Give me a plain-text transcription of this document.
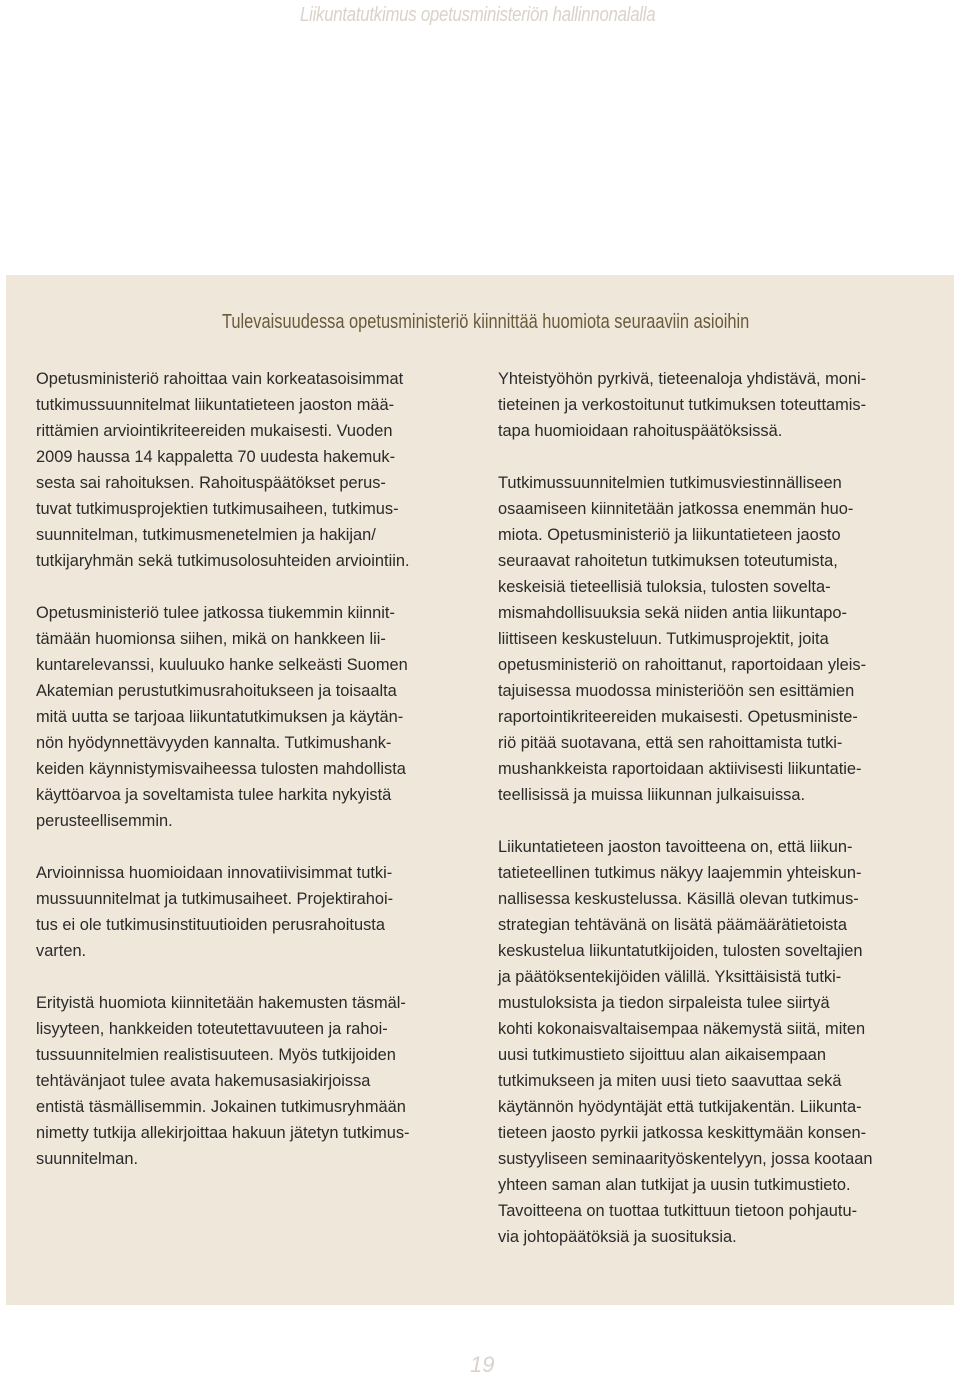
Liikuntatutkimus opetusministeriön hallinnonalalla
Tulevaisuudessa opetusministeriö kiinnittää huomiota seuraaviin asioihin

Opetusministeriö rahoittaa vain korkeatasoisimmat
tutkimussuunnitelmat liikuntatieteen jaoston mää-
rittämien arviointikriteereiden mukaisesti. Vuoden
2009 haussa 14 kappaletta 70 uudesta hakemuk-
sesta sai rahoituksen. Rahoituspäätökset perus-
tuvat tutkimusprojektien tutkimusaiheen, tutkimus-
suunnitelman, tutkimusmenetelmien ja hakijan/
tutkijaryhmän sekä tutkimusolosuhteiden arviointiin.

Opetusministeriö tulee jatkossa tiukemmin kiinnit-
tämään huomionsa siihen, mikä on hankkeen lii-
kuntarelevanssi, kuuluuko hanke selkeästi Suomen
Akatemian perustutkimusrahoitukseen ja toisaalta
mitä uutta se tarjoaa liikuntatutkimuksen ja käytän-
nön hyödynnettävyyden kannalta. Tutkimushank-
keiden käynnistymisvaiheessa tulosten mahdollista
käyttöarvoa ja soveltamista tulee harkita nykyistä
perusteellisemmin.

Arvioinnissa huomioidaan innovatiivisimmat tutki-
mussuunnitelmat ja tutkimusaiheet. Projektirahoi-
tus ei ole tutkimusinstituutioiden perusrahoitusta
varten.

Erityistä huomiota kiinnitetään hakemusten täsmäl-
lisyyteen, hankkeiden toteutettavuuteen ja rahoi-
tussuunnitelmien realistisuuteen. Myös tutkijoiden
tehtävänjaot tulee avata hakemusasiakirjoissa
entistä täsmällisemmin. Jokainen tutkimusryhmään
nimetty tutkija allekirjoittaa hakuun jätetyn tutkimus-
suunnitelman.

Yhteistyöhön pyrkivä, tieteenaloja yhdistävä, moni-
tieteinen ja verkostoitunut tutkimuksen toteuttamis-
tapa huomioidaan rahoituspäätöksissä.

Tutkimussuunnitelmien tutkimusviestinnälliseen
osaamiseen kiinnitetään jatkossa enemmän huo-
miota. Opetusministeriö ja liikuntatieteen jaosto
seuraavat rahoitetun tutkimuksen toteutumista,
keskeisiä tieteellisiä tuloksia, tulosten sovelta-
mismahdollisuuksia sekä niiden antia liikuntapo-
liittiseen keskusteluun. Tutkimusprojektit, joita
opetusministeriö on rahoittanut, raportoidaan yleis-
tajuisessa muodossa ministeriöön sen esittämien
raportointikriteereiden mukaisesti. Opetusministe-
riö pitää suotavana, että sen rahoittamista tutki-
mushankkeista raportoidaan aktiivisesti liikuntatie-
teellisissä ja muissa liikunnan julkaisuissa.

Liikuntatieteen jaoston tavoitteena on, että liikun-
tatieteellinen tutkimus näkyy laajemmin yhteiskun-
nallisessa keskustelussa. Käsillä olevan tutkimus-
strategian tehtävänä on lisätä päämäärätietoista
keskustelua liikuntatutkijoiden, tulosten soveltajien
ja päätöksentekijöiden välillä. Yksittäisistä tutki-
mustuloksista ja tiedon sirpaleista tulee siirtyä
kohti kokonaisvaltaisempaa näkemystä siitä, miten
uusi tutkimustieto sijoittuu alan aikaisempaan
tutkimukseen ja miten uusi tieto saavuttaa sekä
käytännön hyödyntäjät että tutkijakentän. Liikunta-
tieteen jaosto pyrkii jatkossa keskittymään konsen-
sustyyliseen seminaarityöskentelyyn, jossa kootaan
yhteen saman alan tutkijat ja uusin tutkimustieto.
Tavoitteena on tuottaa tutkittuun tietoon pohjautu-
via johtopäätöksiä ja suosituksia.

19
